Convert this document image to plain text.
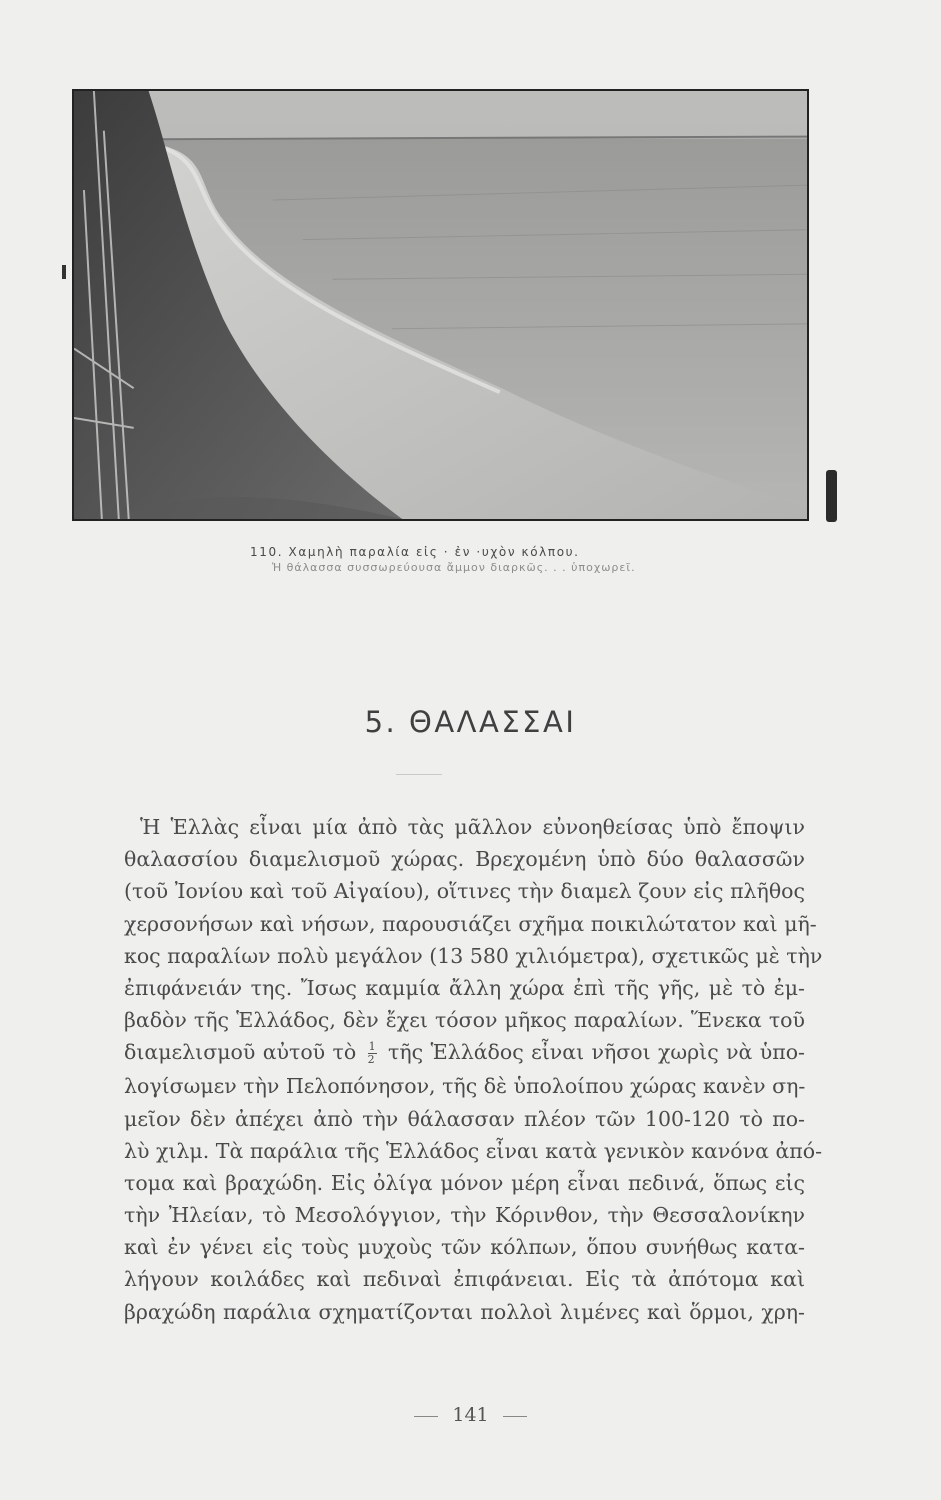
110. Χαμηλὴ παραλία εἰς · ἐν ·υχὸν κόλπου.
Ἡ θάλασσα συσσωρεύουσα ἄμμον διαρκῶς. . . ὑποχωρεῖ.
5. ΘΑΛΑΣΣΑΙ
Ἡ Ἑλλὰς εἶναι μία ἀπὸ τὰς μᾶλλον εὐνοηθείσας ὑπὸ ἔποψιν
θαλασσίου διαμελισμοῦ χώρας. Βρεχομένη ὑπὸ δύο θαλασσῶν
(τοῦ Ἰονίου καὶ τοῦ Αἰγαίου), οἵτινες τὴν διαμελ ζουν εἰς πλῆθος
χερσονήσων καὶ νήσων, παρουσιάζει σχῆμα ποικιλώτατον καὶ μῆ-
κος παραλίων πολὺ μεγάλον (13 580 χιλιόμετρα), σχετικῶς μὲ τὴν
ἐπιφάνειάν της. Ἴσως καμμία ἄλλη χώρα ἐπὶ τῆς γῆς, μὲ τὸ ἐμ-
βαδὸν τῆς Ἑλλάδος, δὲν ἔχει τόσον μῆκος παραλίων. Ἕνεκα τοῦ
διαμελισμοῦ αὐτοῦ τὸ $\frac{1}{2}$ τῆς Ἑλλάδος εἶναι νῆσοι χωρὶς νὰ ὑπο-
λογίσωμεν τὴν Πελοπόνησον, τῆς δὲ ὑπολοίπου χώρας κανὲν ση-
μεῖον δὲν ἀπέχει ἀπὸ τὴν θάλασσαν πλέον τῶν 100-120 τὸ πο-
λὺ χιλμ. Τὰ παράλια τῆς Ἑλλάδος εἶναι κατὰ γενικὸν κανόνα ἀπό-
τομα καὶ βραχώδη. Εἰς ὀλίγα μόνον μέρη εἶναι πεδινά, ὅπως εἰς
τὴν Ἠλείαν, τὸ Μεσολόγγιον, τὴν Κόρινθον, τὴν Θεσσαλονίκην
καὶ ἐν γένει εἰς τοὺς μυχοὺς τῶν κόλπων, ὅπου συνήθως κατα-
λήγουν κοιλάδες καὶ πεδιναὶ ἐπιφάνειαι. Εἰς τὰ ἀπότομα καὶ
βραχώδη παράλια σχηματίζονται πολλοὶ λιμένες καὶ ὅρμοι, χρη-
141
